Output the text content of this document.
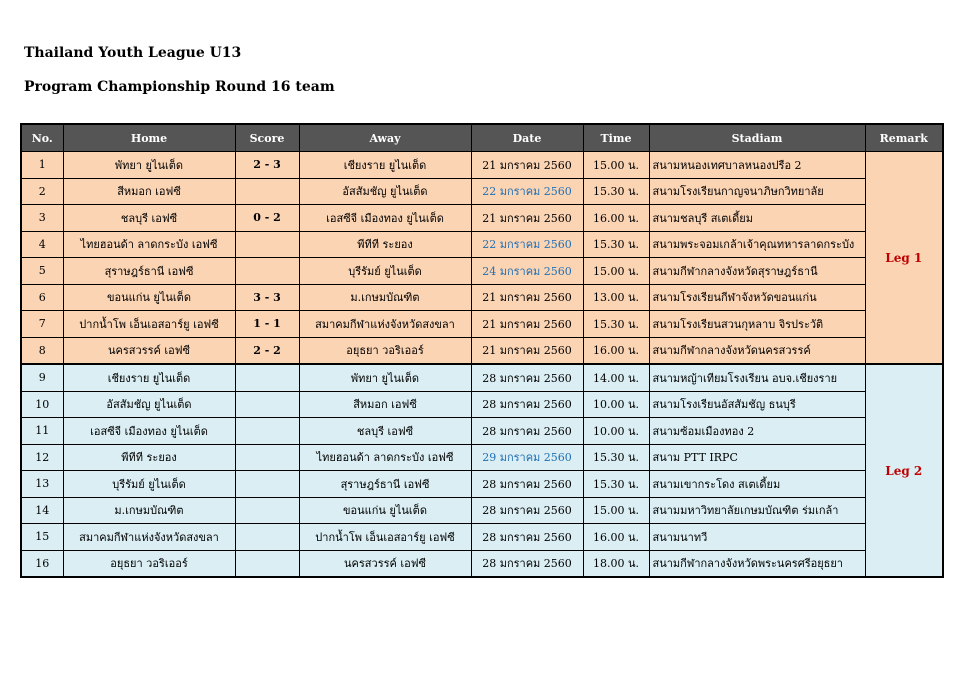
Thailand Youth League U13
Program Championship Round 16 team
No.	Home	Score	Away	Date	Time	Stadiam	Remark
1	พัทยา ยูไนเต็ด	2 - 3	เชียงราย ยูไนเต็ด	21 มกราคม 2560	15.00 น.	สนามหนองเทศบาลหนองปรือ 2	Leg 1
2	สีหมอก เอฟซี		อัสสัมชัญ ยูไนเต็ด	22 มกราคม 2560	15.30 น.	สนามโรงเรียนกาญจนาภิษกวิทยาลัย	
3	ชลบุรี เอฟซี	0 - 2	เอสซีจี เมืองทอง ยูไนเต็ด	21 มกราคม 2560	16.00 น.	สนามชลบุรี สเตเดี้ยม	
4	ไทยฮอนด้า ลาดกระบัง เอฟซี		พีทีที ระยอง	22 มกราคม 2560	15.30 น.	สนามพระจอมเกล้าเจ้าคุณทหารลาดกระบัง	
5	สุราษฎร์ธานี เอฟซี		บุรีรัมย์ ยูไนเต็ด	24 มกราคม 2560	15.00 น.	สนามกีฬากลางจังหวัดสุราษฎร์ธานี	
6	ขอนแก่น ยูไนเต็ด	3 - 3	ม.เกษมบัณฑิต	21 มกราคม 2560	13.00 น.	สนามโรงเรียนกีฬาจังหวัดขอนแก่น	
7	ปากน้ำโพ เอ็นเอสอาร์ยู เอฟซี	1 - 1	สมาคมกีฬาแห่งจังหวัดสงขลา	21 มกราคม 2560	15.30 น.	สนามโรงเรียนสวนกุหลาบ จิรประวัติ	
8	นครสวรรค์ เอฟซี	2 - 2	อยุธยา วอริเออร์	21 มกราคม 2560	16.00 น.	สนามกีฬากลางจังหวัดนครสวรรค์	
9	เชียงราย ยูไนเต็ด		พัทยา ยูไนเต็ด	28 มกราคม 2560	14.00 น.	สนามหญ้าเทียมโรงเรียน อบจ.เชียงราย	Leg 2
10	อัสสัมชัญ ยูไนเต็ด		สีหมอก เอฟซี	28 มกราคม 2560	10.00 น.	สนามโรงเรียนอัสสัมชัญ ธนบุรี	
11	เอสซีจี เมืองทอง ยูไนเต็ด		ชลบุรี เอฟซี	28 มกราคม 2560	10.00 น.	สนามซ้อมเมืองทอง 2	
12	พีทีที ระยอง		ไทยฮอนด้า ลาดกระบัง เอฟซี	29 มกราคม 2560	15.30 น.	สนาม PTT IRPC	
13	บุรีรัมย์ ยูไนเต็ด		สุราษฎร์ธานี เอฟซี	28 มกราคม 2560	15.30 น.	สนามเขากระโดง สเตเดี้ยม	
14	ม.เกษมบัณฑิต		ขอนแก่น ยูไนเต็ด	28 มกราคม 2560	15.00 น.	สนามมหาวิทยาลัยเกษมบัณฑิต ร่มเกล้า	
15	สมาคมกีฬาแห่งจังหวัดสงขลา		ปากน้ำโพ เอ็นเอสอาร์ยู เอฟซี	28 มกราคม 2560	16.00 น.	สนามนาทวี	
16	อยุธยา วอริเออร์		นครสวรรค์ เอฟซี	28 มกราคม 2560	18.00 น.	สนามกีฬากลางจังหวัดพระนครศรีอยุธยา	
